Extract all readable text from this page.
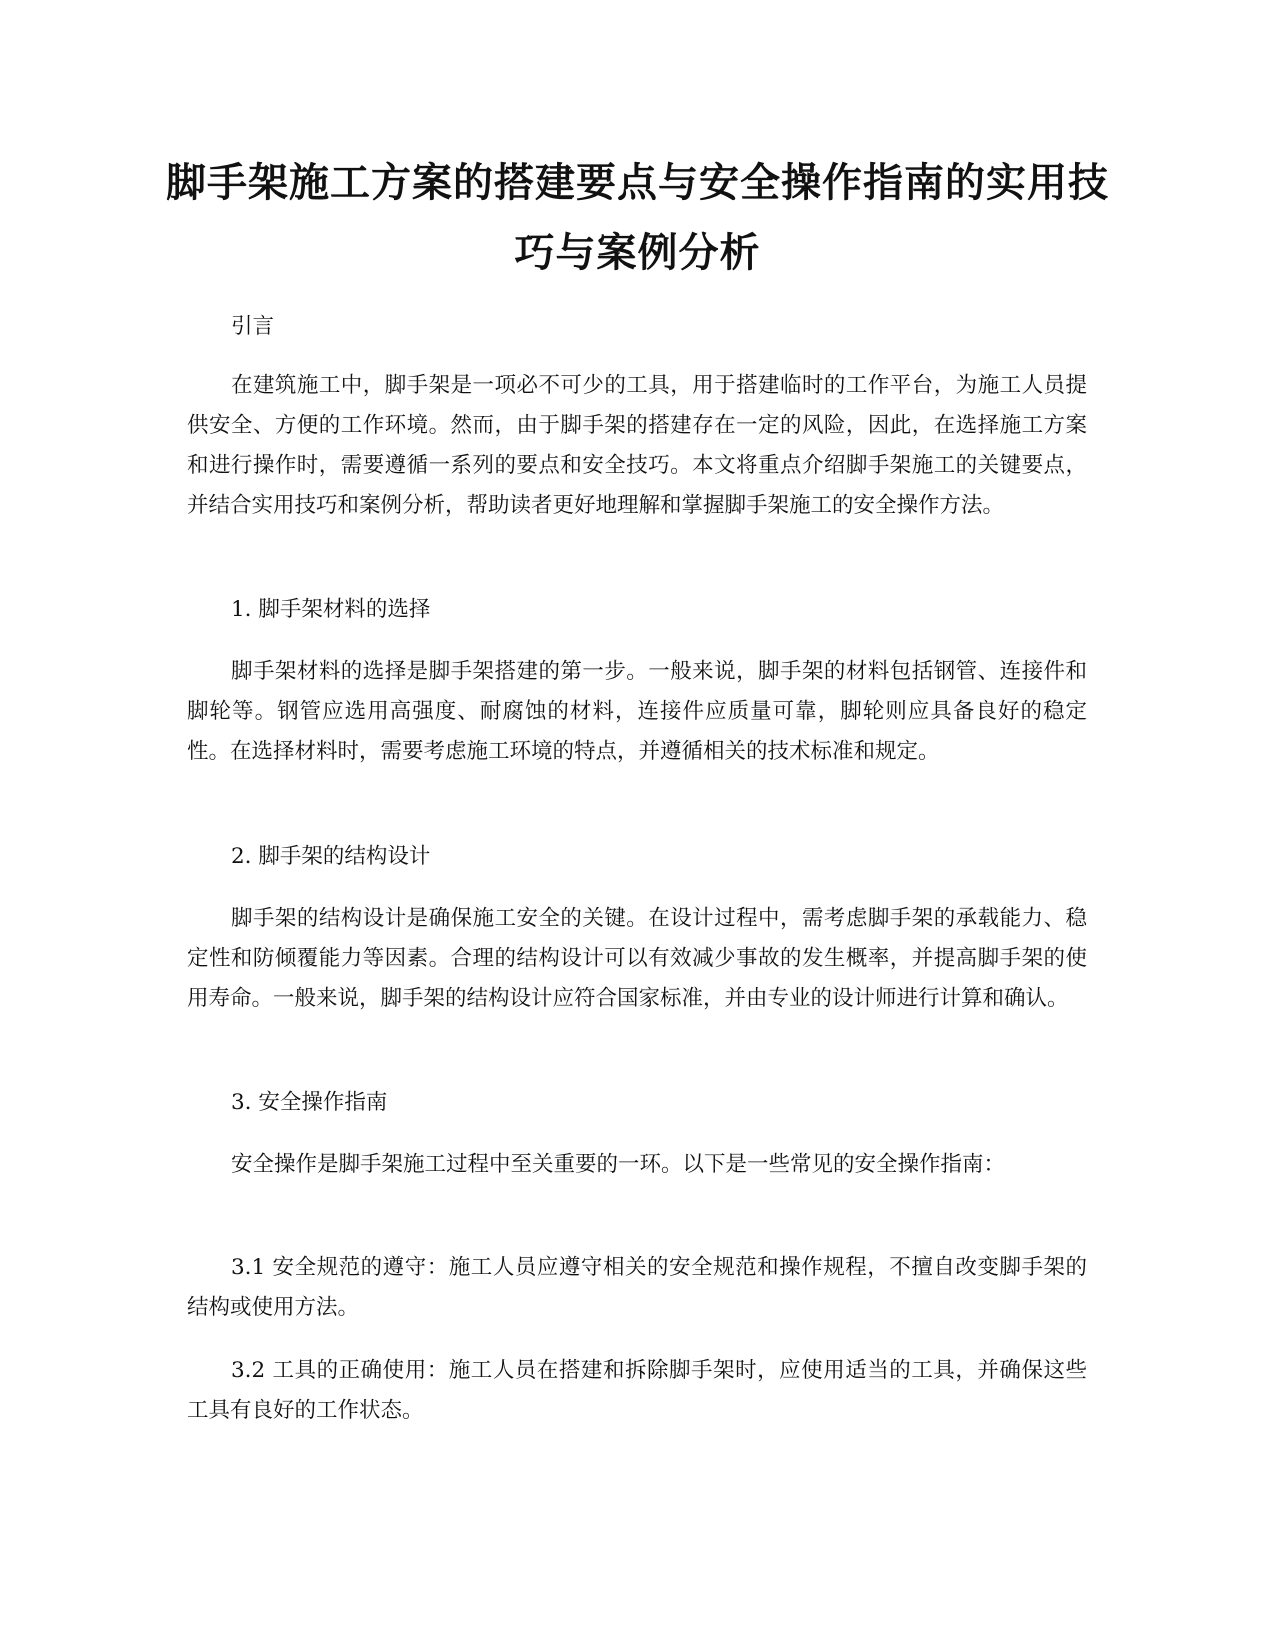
脚手架施工方案的搭建要点与安全操作指南的实用技巧与案例分析

引言

在建筑施工中，脚手架是一项必不可少的工具，用于搭建临时的工作平台，为施工人员提供安全、方便的工作环境。然而，由于脚手架的搭建存在一定的风险，因此，在选择施工方案和进行操作时，需要遵循一系列的要点和安全技巧。本文将重点介绍脚手架施工的关键要点，并结合实用技巧和案例分析，帮助读者更好地理解和掌握脚手架施工的安全操作方法。

1. 脚手架材料的选择

脚手架材料的选择是脚手架搭建的第一步。一般来说，脚手架的材料包括钢管、连接件和脚轮等。钢管应选用高强度、耐腐蚀的材料，连接件应质量可靠，脚轮则应具备良好的稳定性。在选择材料时，需要考虑施工环境的特点，并遵循相关的技术标准和规定。

2. 脚手架的结构设计

脚手架的结构设计是确保施工安全的关键。在设计过程中，需考虑脚手架的承载能力、稳定性和防倾覆能力等因素。合理的结构设计可以有效减少事故的发生概率，并提高脚手架的使用寿命。一般来说，脚手架的结构设计应符合国家标准，并由专业的设计师进行计算和确认。

3. 安全操作指南

安全操作是脚手架施工过程中至关重要的一环。以下是一些常见的安全操作指南：

3.1 安全规范的遵守：施工人员应遵守相关的安全规范和操作规程，不擅自改变脚手架的结构或使用方法。

3.2 工具的正确使用：施工人员在搭建和拆除脚手架时，应使用适当的工具，并确保这些工具有良好的工作状态。
